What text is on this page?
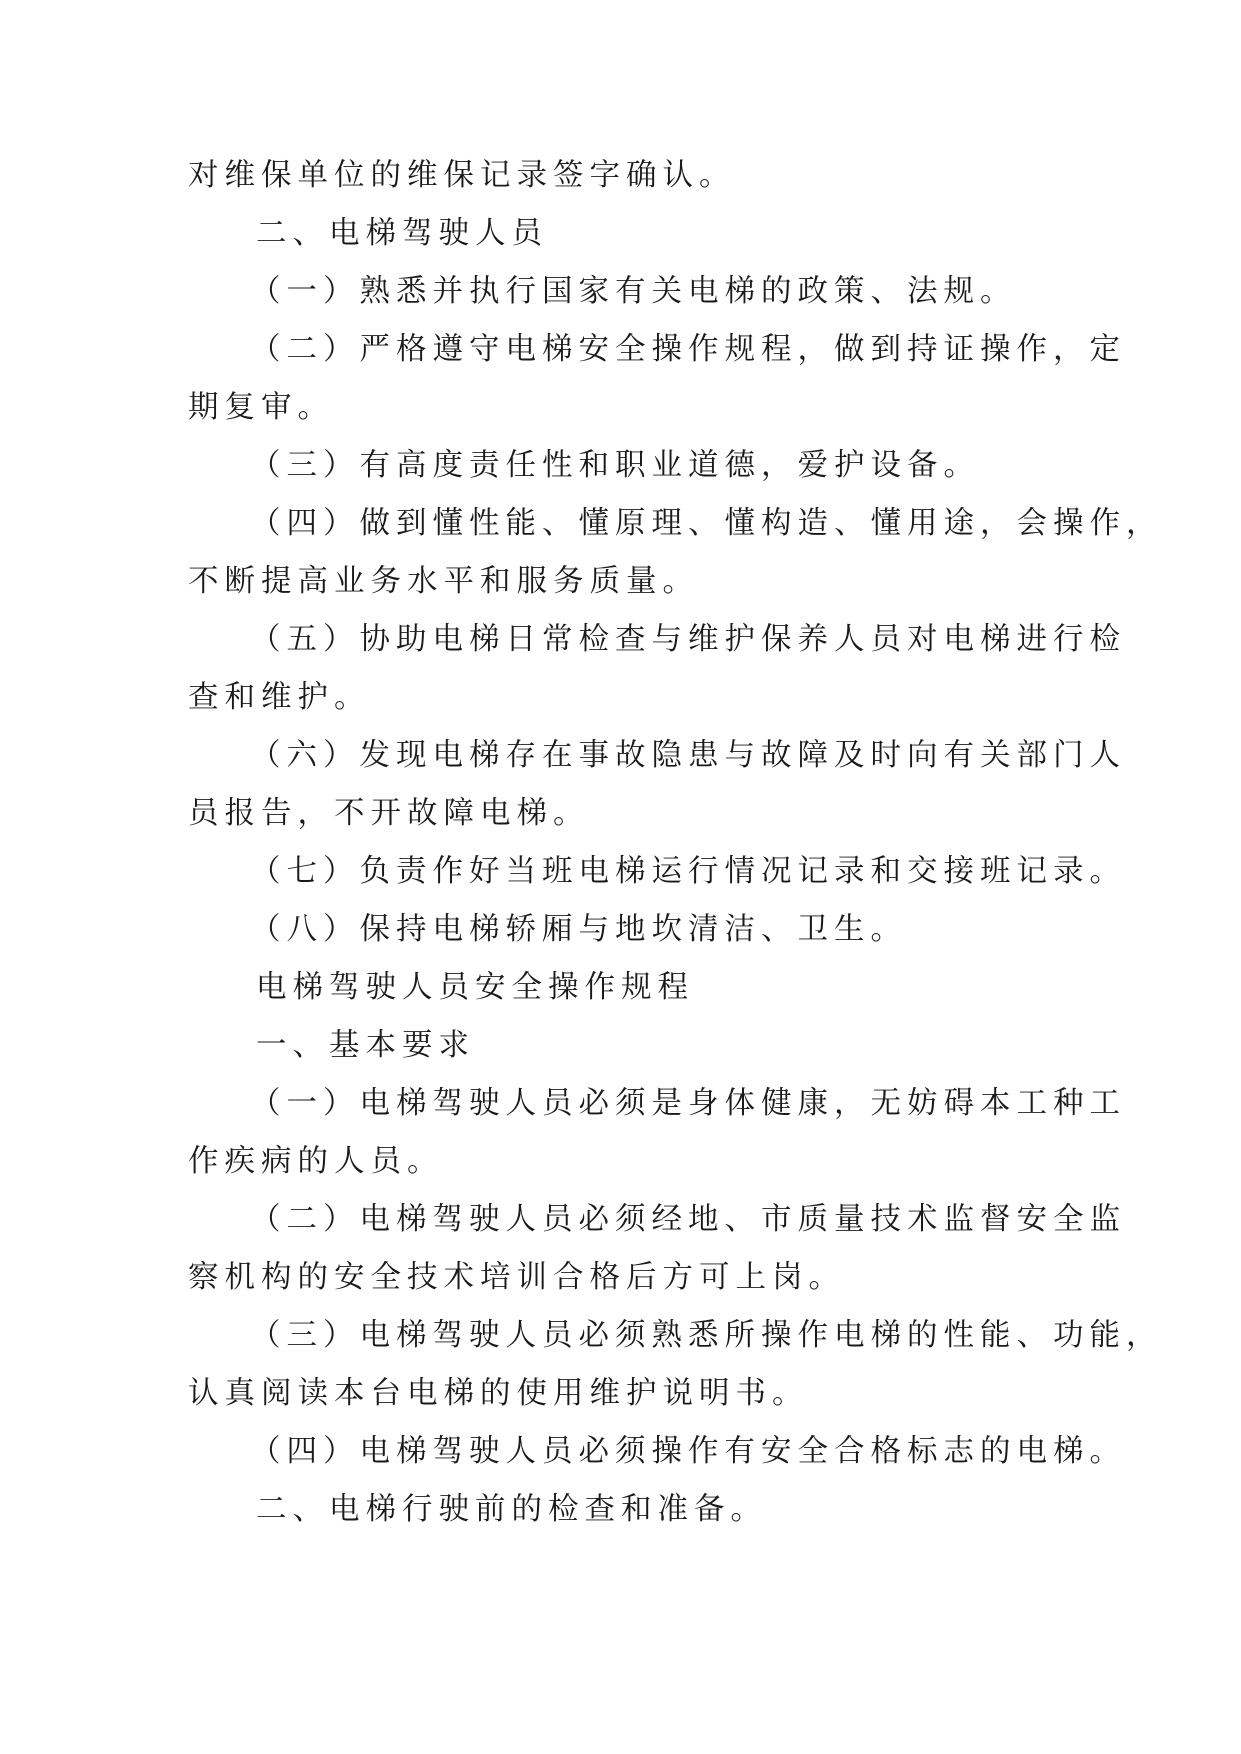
对维保单位的维保记录签字确认。

二、电梯驾驶人员

（一）熟悉并执行国家有关电梯的政策、法规。

（二）严格遵守电梯安全操作规程，做到持证操作，定

期复审。

（三）有高度责任性和职业道德，爱护设备。

（四）做到懂性能、懂原理、懂构造、懂用途，会操作，

不断提高业务水平和服务质量。

（五）协助电梯日常检查与维护保养人员对电梯进行检

查和维护。

（六）发现电梯存在事故隐患与故障及时向有关部门人

员报告，不开故障电梯。

（七）负责作好当班电梯运行情况记录和交接班记录。

（八）保持电梯轿厢与地坎清洁、卫生。

电梯驾驶人员安全操作规程

一、基本要求

（一）电梯驾驶人员必须是身体健康，无妨碍本工种工

作疾病的人员。

（二）电梯驾驶人员必须经地、市质量技术监督安全监

察机构的安全技术培训合格后方可上岗。

（三）电梯驾驶人员必须熟悉所操作电梯的性能、功能，

认真阅读本台电梯的使用维护说明书。

（四）电梯驾驶人员必须操作有安全合格标志的电梯。

二、电梯行驶前的检查和准备。
